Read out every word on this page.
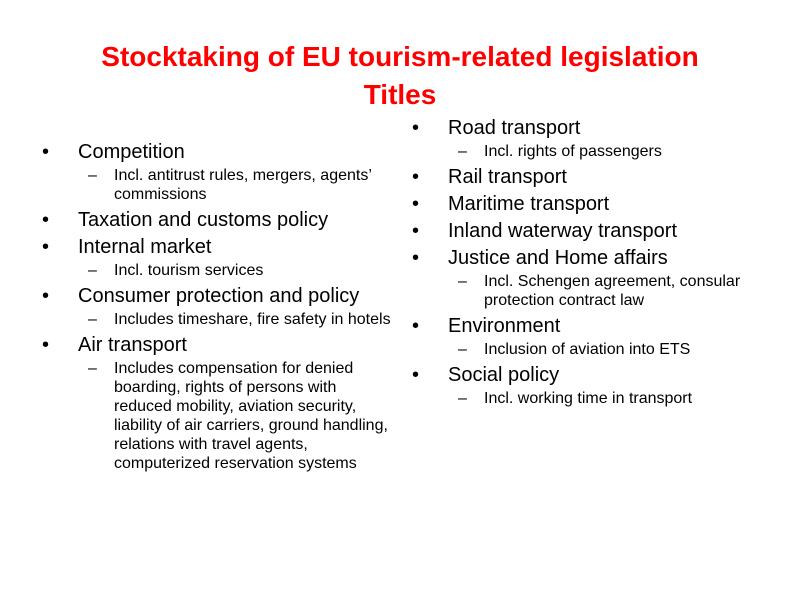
Stocktaking of EU tourism-related legislation
Titles
•	Competition
– Incl. antitrust rules, mergers, agents’ commissions
•	Taxation and customs policy
•	Internal market
– Incl. tourism services
•	Consumer protection and policy
– Includes timeshare, fire safety in hotels
•	Air transport
– Includes compensation for denied boarding, rights of persons with reduced mobility, aviation security, liability of air carriers, ground handling, relations with travel agents, computerized reservation systems
•	Road transport
– Incl. rights of passengers
•	Rail transport
•	Maritime transport
•	Inland waterway transport
•	Justice and Home affairs
– Incl. Schengen agreement, consular protection contract law
•	Environment
– Inclusion of aviation into ETS
•	Social policy
– Incl. working time in transport
